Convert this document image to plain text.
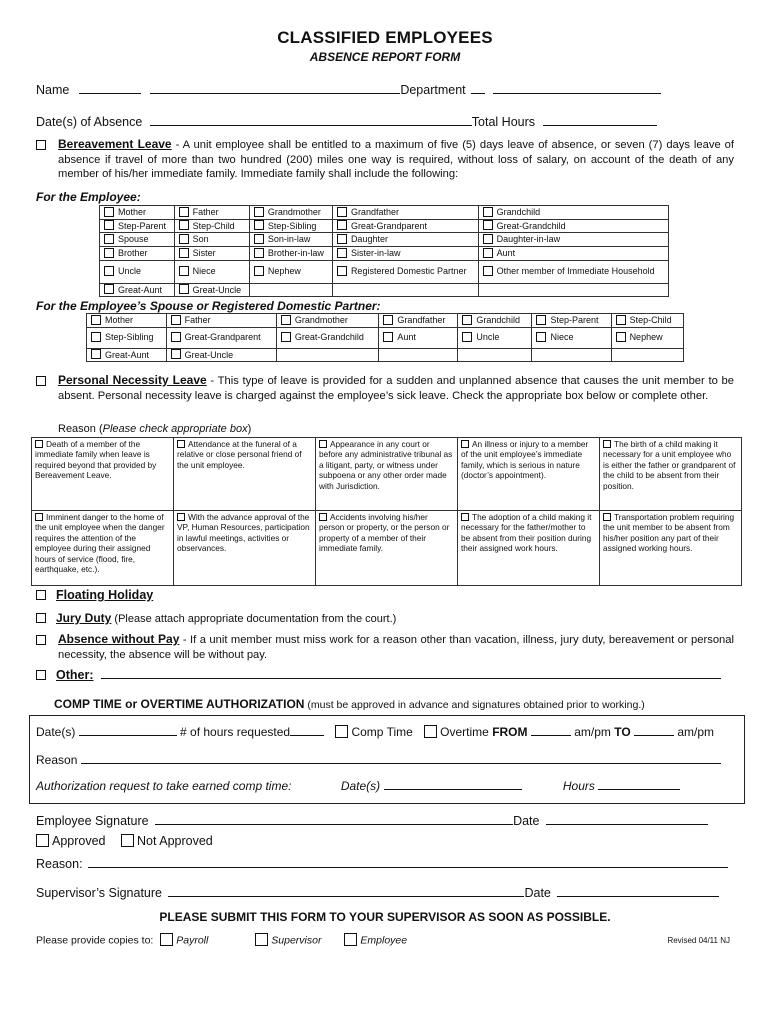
CLASSIFIED EMPLOYEES
ABSENCE REPORT FORM
Name	Department
Date(s) of Absence	Total Hours
Bereavement Leave - A unit employee shall be entitled to a maximum of five (5) days leave of absence, or seven (7) days leave of absence if travel of more than two hundred (200) miles one way is required, without loss of salary, on account of the death of any member of his/her immediate family. Immediate family shall include the following:
For the Employee:
Mother	Father	Grandmother	Grandfather	Grandchild
Step-Parent	Step-Child	Step-Sibling	Great-Grandparent	Great-Grandchild
Spouse	Son	Son-in-law	Daughter	Daughter-in-law
Brother	Sister	Brother-in-law	Sister-in-law	Aunt
Uncle	Niece	Nephew	Registered Domestic Partner	Other member of Immediate Household
Great-Aunt	Great-Uncle			
For the Employee’s Spouse or Registered Domestic Partner:
Mother	Father	Grandmother	Grandfather	Grandchild	Step-Parent	Step-Child
Step-Sibling	Great-Grandparent	Great-Grandchild	Aunt	Uncle	Niece	Nephew
Great-Aunt	Great-Uncle					
Personal Necessity Leave - This type of leave is provided for a sudden and unplanned absence that causes the unit member to be absent. Personal necessity leave is charged against the employee’s sick leave. Check the appropriate box below or complete other.
Reason (Please check appropriate box)
Death of a member of the immediate family when leave is required beyond that provided by Bereavement Leave.	Attendance at the funeral of a relative or close personal friend of the unit employee.	Appearance in any court or before any administrative tribunal as a litigant, party, or witness under subpoena or any other order made with Jurisdiction.	An illness or injury to a member of the unit employee’s immediate family, which is serious in nature (doctor’s appointment).	The birth of a child making it necessary for a unit employee who is either the father or grandparent of the child to be absent from their position.
Imminent danger to the home of the unit employee when the danger requires the attention of the employee during their assigned hours of service (flood, fire, earthquake, etc.).	With the advance approval of the VP, Human Resources, participation in lawful meetings, activities or observances.	Accidents involving his/her person or property, or the person or property of a member of their immediate family.	The adoption of a child making it necessary for the father/mother to be absent from their position during their assigned work hours.	Transportation problem requiring the unit member to be absent from his/her position any part of their assigned working hours.
Floating Holiday
Jury Duty (Please attach appropriate documentation from the court.)
Absence without Pay - If a unit member must miss work for a reason other than vacation, illness, jury duty, bereavement or personal necessity, the absence will be without pay.
Other:
COMP TIME or OVERTIME AUTHORIZATION (must be approved in advance and signatures obtained prior to working.)
Date(s)	# of hours requested	Comp Time Overtime FROM	am/pm TO	am/pm
Reason
Authorization request to take earned comp time:	Date(s)	Hours
Employee Signature	Date
Approved	Not Approved
Reason:
Supervisor’s Signature	Date
PLEASE SUBMIT THIS FORM TO YOUR SUPERVISOR AS SOON AS POSSIBLE.
Please provide copies to: Payroll	Supervisor	Employee	Revised 04/11 NJ
